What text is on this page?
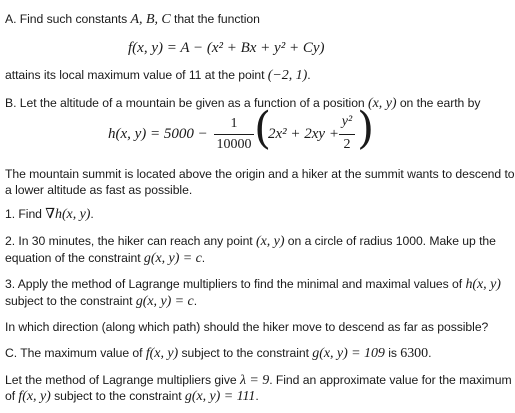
A. Find such constants A, B, C that the function
f(x, y) = A − (x² + Bx + y² + Cy)
attains its local maximum value of 11 at the point (−2, 1).
B. Let the altitude of a mountain be given as a function of a position (x, y) on the earth by
h(x, y) = 5000 −
1
10000 (
2x² + 2xy +
y²
2 )
The mountain summit is located above the origin and a hiker at the summit wants to descend to
a lower altitude as fast as possible.
1. Find ∇h(x, y).
2. In 30 minutes, the hiker can reach any point (x, y) on a circle of radius 1000. Make up the
equation of the constraint g(x, y) = c.
3. Apply the method of Lagrange multipliers to find the minimal and maximal values of h(x, y)
subject to the constraint g(x, y) = c.
In which direction (along which path) should the hiker move to descend as far as possible?
C. The maximum value of f(x, y) subject to the constraint g(x, y) = 109 is 6300.
Let the method of Lagrange multipliers give λ = 9. Find an approximate value for the maximum
of f(x, y) subject to the constraint g(x, y) = 111.
